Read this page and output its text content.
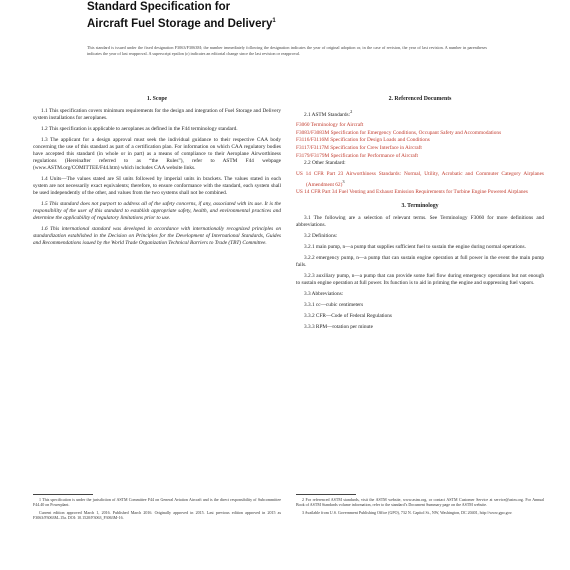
Standard Specification for
Aircraft Fuel Storage and Delivery$^1$
This standard is issued under the fixed designation F3063/F3063M; the number immediately following the designation indicates the year of original adoption or, in the case of revision, the year of last revision. A number in parentheses indicates the year of last reapproval. A superscript epsilon (ε) indicates an editorial change since the last revision or reapproval.
1. Scope

1.1 This specification covers minimum requirements for the design and integration of Fuel Storage and Delivery system installations for aeroplanes.

1.2 This specification is applicable to aeroplanes as defined in the F44 terminology standard.

1.3 The applicant for a design approval must seek the individual guidance to their respective CAA body concerning the use of this standard as part of a certification plan. For information on which CAA regulatory bodies have accepted this standard (in whole or in part) as a means of compliance to their Aeroplane Airworthiness regulations (Hereinafter referred to as “the Rules”), refer to ASTM F44 webpage (www.ASTM.org/COMITTEE/F44.htm) which includes CAA website links.

1.4 Units—The values stated are SI units followed by imperial units in brackets. The values stated in each system are not necessarily exact equivalents; therefore, to ensure conformance with the standard, each system shall be used independently of the other, and values from the two systems shall not be combined.

1.5 This standard does not purport to address all of the safety concerns, if any, associated with its use. It is the responsibility of the user of this standard to establish appropriate safety, health, and environmental practices and determine the applicability of regulatory limitations prior to use.

1.6 This international standard was developed in accordance with internationally recognized principles on standardization established in the Decision on Principles for the Development of International Standards, Guides and Recommendations issued by the World Trade Organization Technical Barriers to Trade (TBT) Committee.

2. Referenced Documents
2.1 ASTM Standards:$^2$
F3060 Terminology for Aircraft
F3083/F3083M Specification for Emergency Conditions, Occupant Safety and Accommodations
F3116/F3116M Specification for Design Loads and Conditions
F3117/F3117M Specification for Crew Interface in Aircraft
F3179/F3179M Specification for Performance of Aircraft
2.2 Other Standard:
US 14 CFR Part 23 Airworthiness Standards: Normal, Utility, Acrobatic and Commuter Category Airplanes (Amendment 62)$^3$
US 14 CFR Part 34 Fuel Venting and Exhaust Emission Requirements for Turbine Engine Powered Airplanes
3. Terminology

3.1 The following are a selection of relevant terms. See Terminology F3060 for more definitions and abbreviations.

3.2 Definitions:

3.2.1 main pump, n—a pump that supplies sufficient fuel to sustain the engine during normal operations.

3.2.2 emergency pump, n—a pump that can sustain engine operation at full power in the event the main pump fails.

3.2.3 auxiliary pump, n—a pump that can provide some fuel flow during emergency operations but not enough to sustain engine operation at full power. Its function is to aid in priming the engine and suppressing fuel vapors.

3.3 Abbreviations:

3.3.1 cc—cubic centimeters

3.3.2 CFR—Code of Federal Regulations

3.3.3 RPM—rotation per minute

1 This specification is under the jurisdiction of ASTM Committee F44 on General Aviation Aircraft and is the direct responsibility of Subcommittee F44.40 on Powerplant.

Current edition approved March 1, 2016. Published March 2016. Originally approved in 2015. Last previous edition approved in 2015 as F3063/F3063M–15a. DOI: 10.1520/F3063_F3063M-16.

2 For referenced ASTM standards, visit the ASTM website, www.astm.org, or contact ASTM Customer Service at service@astm.org. For Annual Book of ASTM Standards volume information, refer to the standard’s Document Summary page on the ASTM website.

3 Available from U.S. Government Publishing Office (GPO), 732 N. Capitol St., NW, Washington, DC 20401, http://www.gpo.gov.
